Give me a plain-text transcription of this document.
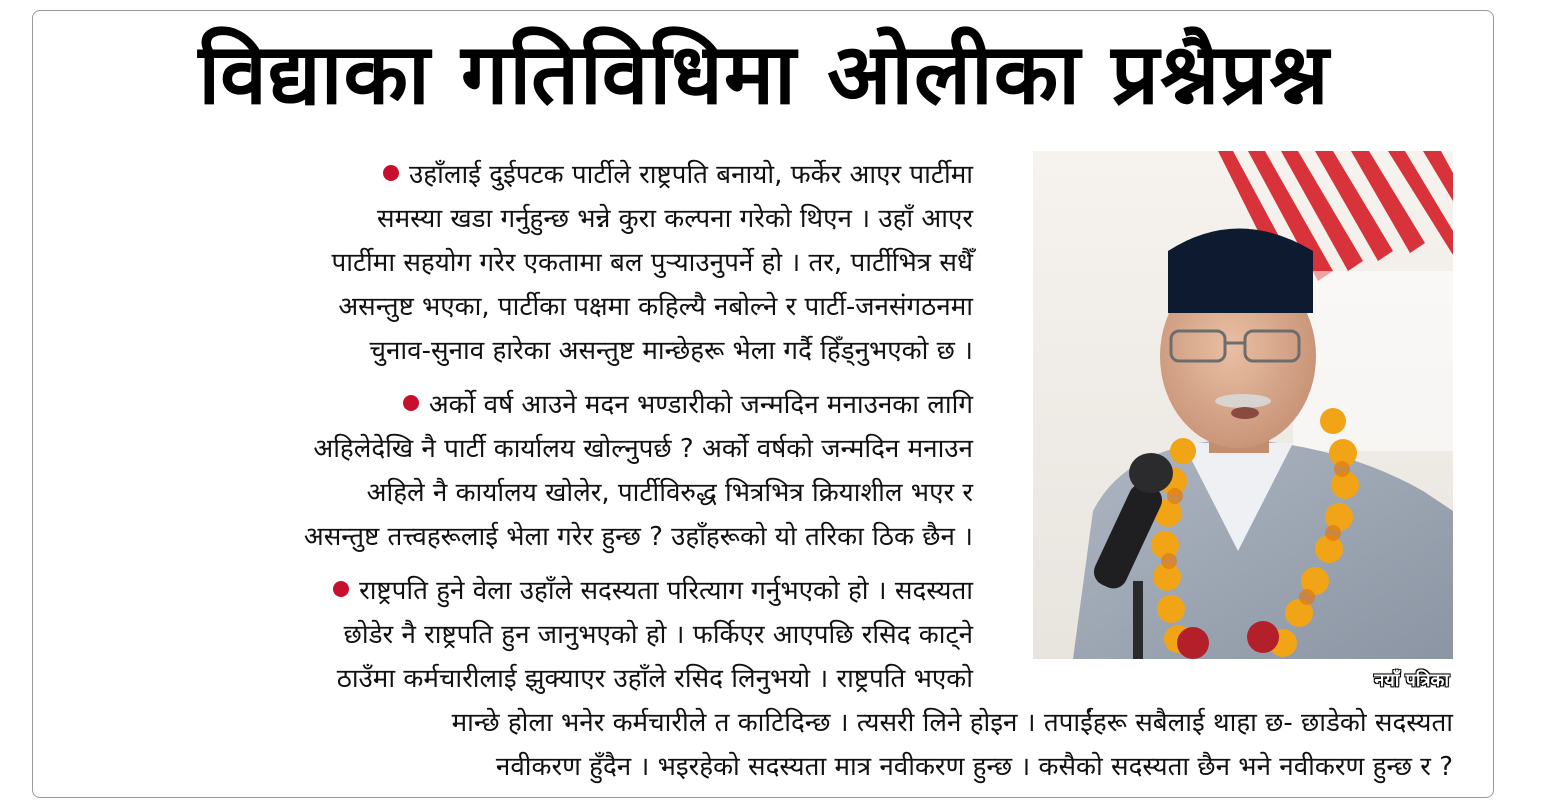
विद्याका गतिविधिमा ओलीका प्रश्नैप्रश्न
उहाँलाई दुईपटक पार्टीले राष्ट्रपति बनायो, फर्केर आएर पार्टीमा
समस्या खडा गर्नुहुन्छ भन्ने कुरा कल्पना गरेको थिएन । उहाँ आएर
पार्टीमा सहयोग गरेर एकतामा बल पुऱ्याउनुपर्ने हो । तर, पार्टीभित्र सधैँ
असन्तुष्ट भएका, पार्टीका पक्षमा कहिल्यै नबोल्ने र पार्टी-जनसंगठनमा
चुनाव-सुनाव हारेका असन्तुष्ट मान्छेहरू भेला गर्दै हिँड्नुभएको छ ।
अर्को वर्ष आउने मदन भण्डारीको जन्मदिन मनाउनका लागि
अहिलेदेखि नै पार्टी कार्यालय खोल्नुपर्छ ? अर्को वर्षको जन्मदिन मनाउन
अहिले नै कार्यालय खोलेर, पार्टीविरुद्ध भित्रभित्र क्रियाशील भएर र
असन्तुष्ट तत्त्वहरूलाई भेला गरेर हुन्छ ? उहाँहरूको यो तरिका ठिक छैन ।
राष्ट्रपति हुने वेला उहाँले सदस्यता परित्याग गर्नुभएको हो । सदस्यता
छोडेर नै राष्ट्रपति हुन जानुभएको हो । फर्किएर आएपछि रसिद काट्ने
ठाउँमा कर्मचारीलाई झुक्याएर उहाँले रसिद लिनुभयो । राष्ट्रपति भएको
मान्छे होला भनेर कर्मचारीले त काटिदिन्छ । त्यसरी लिने होइन । तपाईंहरू सबैलाई थाहा छ- छाडेको सदस्यता
नवीकरण हुँदैन । भइरहेको सदस्यता मात्र नवीकरण हुन्छ । कसैको सदस्यता छैन भने नवीकरण हुन्छ र ?
नयाँ पत्रिका
